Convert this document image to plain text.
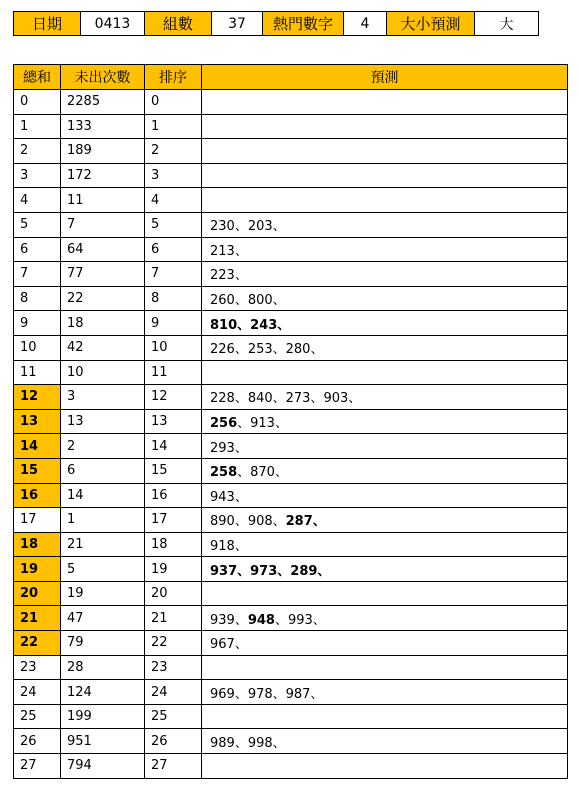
日期	0413	組數	37	熱門數字	4	大小預測	大
總和	未出次數	排序	預測
0	2285	0	
1	133	1	
2	189	2	
3	172	3	
4	11	4	
5	7	5	230、203、
6	64	6	213、
7	77	7	223、
8	22	8	260、800、
9	18	9	810、243、
10	42	10	226、253、280、
11	10	11	
12	3	12	228、840、273、903、
13	13	13	256、913、
14	2	14	293、
15	6	15	258、870、
16	14	16	943、
17	1	17	890、908、287、
18	21	18	918、
19	5	19	937、973、289、
20	19	20	
21	47	21	939、948、993、
22	79	22	967、
23	28	23	
24	124	24	969、978、987、
25	199	25	
26	951	26	989、998、
27	794	27	
